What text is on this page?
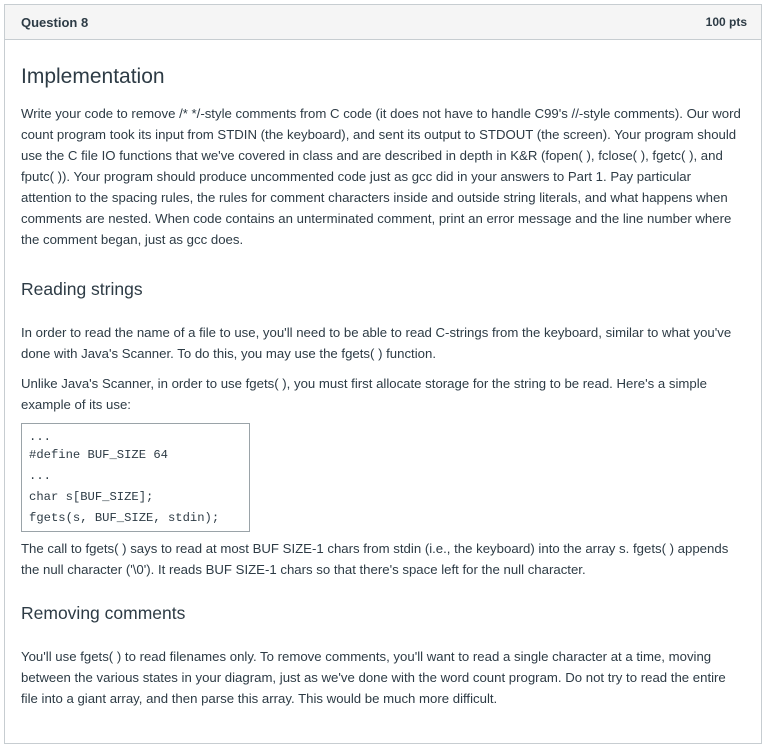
Question 8	100 pts
Implementation

Write your code to remove /* */-style comments from C code (it does not have to handle C99's //-style comments). Our word count program took its input from STDIN (the keyboard), and sent its output to STDOUT (the screen). Your program should use the C file IO functions that we've covered in class and are described in depth in K&R (fopen( ), fclose( ), fgetc( ), and fputc( )). Your program should produce uncommented code just as gcc did in your answers to Part 1. Pay particular attention to the spacing rules, the rules for comment characters inside and outside string literals, and what happens when comments are nested. When code contains an unterminated comment, print an error message and the line number where the comment began, just as gcc does.

Reading strings

In order to read the name of a file to use, you'll need to be able to read C-strings from the keyboard, similar to what you've done with Java's Scanner. To do this, you may use the fgets( ) function.

Unlike Java's Scanner, in order to use fgets( ), you must first allocate storage for the string to be read. Here's a simple example of its use:

...
#define BUF_SIZE 64
...
char s[BUF_SIZE];
fgets(s, BUF_SIZE, stdin);

The call to fgets( ) says to read at most BUF SIZE-1 chars from stdin (i.e., the keyboard) into the array s. fgets( ) appends the null character ('\0'). It reads BUF SIZE-1 chars so that there's space left for the null character.

Removing comments

You'll use fgets( ) to read filenames only. To remove comments, you'll want to read a single character at a time, moving between the various states in your diagram, just as we've done with the word count program. Do not try to read the entire file into a giant array, and then parse this array. This would be much more difficult.
